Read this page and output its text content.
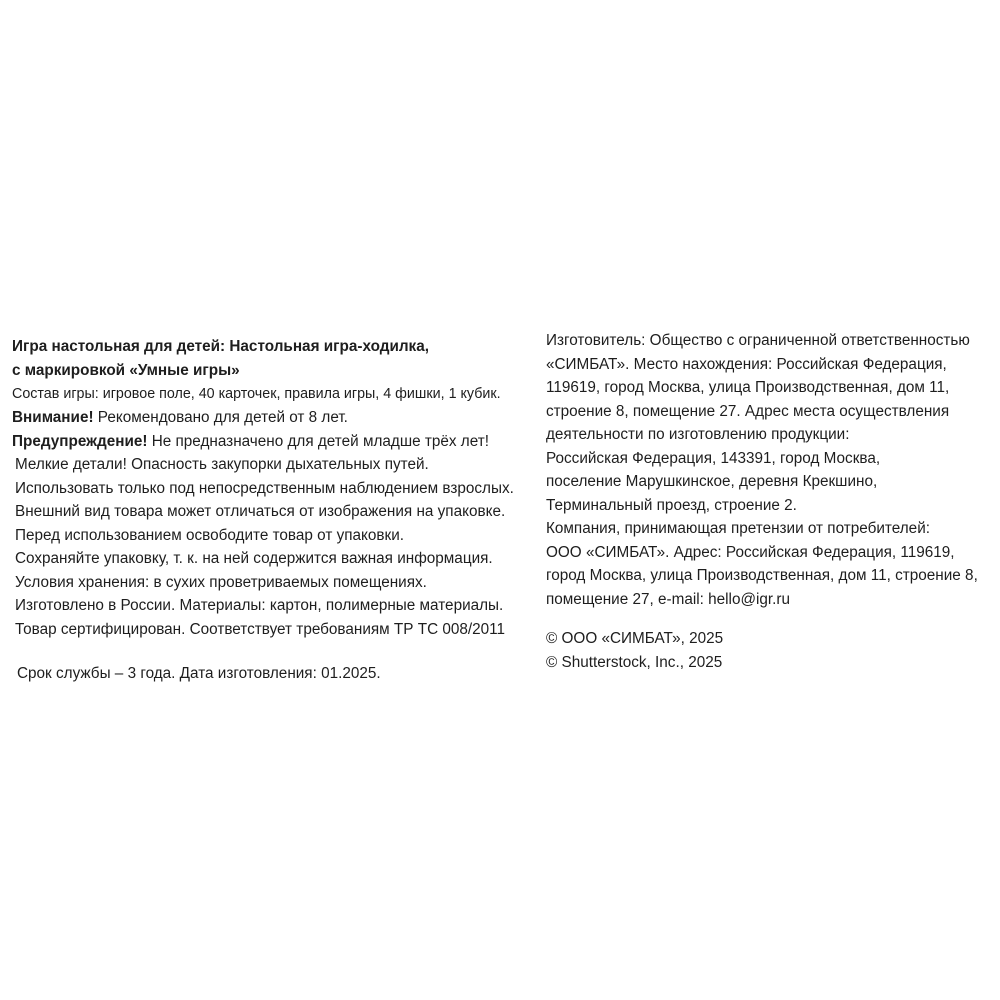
Игра настольная для детей: Настольная игра-ходилка,
с маркировкой «Умные игры»
Состав игры: игровое поле, 40 карточек, правила игры, 4 фишки, 1 кубик.
Внимание! Рекомендовано для детей от 8 лет.
Предупреждение! Не предназначено для детей младше трёх лет!
Мелкие детали! Опасность закупорки дыхательных путей.
Использовать только под непосредственным наблюдением взрослых.
Внешний вид товара может отличаться от изображения на упаковке.
Перед использованием освободите товар от упаковки.
Сохраняйте упаковку, т. к. на ней содержится важная информация.
Условия хранения: в сухих проветриваемых помещениях.
Изготовлено в России. Материалы: картон, полимерные материалы.
Товар сертифицирован. Соответствует требованиям ТР ТС 008/2011
Срок службы – 3 года. Дата изготовления: 01.2025.
Изготовитель: Общество с ограниченной ответственностью
«СИМБАТ». Место нахождения: Российская Федерация,
119619, город Москва, улица Производственная, дом 11,
строение 8, помещение 27. Адрес места осуществления
деятельности по изготовлению продукции:
Российская Федерация, 143391, город Москва,
поселение Марушкинское, деревня Крекшино,
Терминальный проезд, строение 2.
Компания, принимающая претензии от потребителей:
ООО «СИМБАТ». Адрес: Российская Федерация, 119619,
город Москва, улица Производственная, дом 11, строение 8,
помещение 27, e-mail: hello@igr.ru
© ООО «СИМБАТ», 2025
© Shutterstock, Inc., 2025
